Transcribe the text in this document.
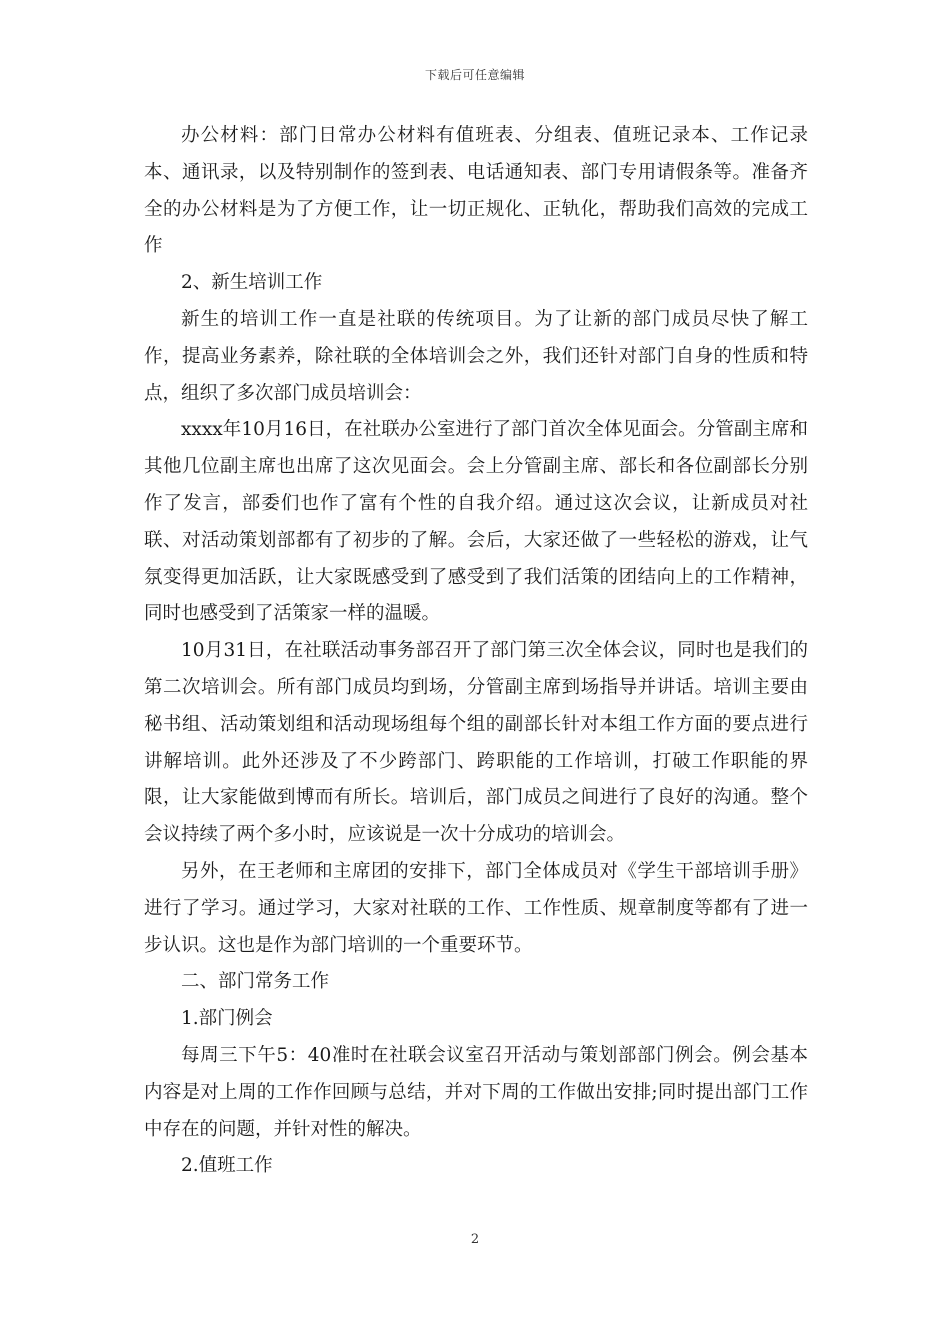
下载后可任意编辑

办公材料：部门日常办公材料有值班表、分组表、值班记录本、工作记录本、通讯录，以及特别制作的签到表、电话通知表、部门专用请假条等。准备齐全的办公材料是为了方便工作，让一切正规化、正轨化，帮助我们高效的完成工作

2、新生培训工作

新生的培训工作一直是社联的传统项目。为了让新的部门成员尽快了解工作，提高业务素养，除社联的全体培训会之外，我们还针对部门自身的性质和特点，组织了多次部门成员培训会：

xxxx年10月16日，在社联办公室进行了部门首次全体见面会。分管副主席和其他几位副主席也出席了这次见面会。会上分管副主席、部长和各位副部长分别作了发言，部委们也作了富有个性的自我介绍。通过这次会议，让新成员对社联、对活动策划部都有了初步的了解。会后，大家还做了一些轻松的游戏，让气氛变得更加活跃，让大家既感受到了感受到了我们活策的团结向上的工作精神，同时也感受到了活策家一样的温暖。

10月31日，在社联活动事务部召开了部门第三次全体会议，同时也是我们的第二次培训会。所有部门成员均到场，分管副主席到场指导并讲话。培训主要由秘书组、活动策划组和活动现场组每个组的副部长针对本组工作方面的要点进行讲解培训。此外还涉及了不少跨部门、跨职能的工作培训，打破工作职能的界限，让大家能做到博而有所长。培训后，部门成员之间进行了良好的沟通。整个会议持续了两个多小时，应该说是一次十分成功的培训会。

另外，在王老师和主席团的安排下，部门全体成员对《学生干部培训手册》进行了学习。通过学习，大家对社联的工作、工作性质、规章制度等都有了进一步认识。这也是作为部门培训的一个重要环节。

二、部门常务工作

1.部门例会

每周三下午5：40准时在社联会议室召开活动与策划部部门例会。例会基本内容是对上周的工作作回顾与总结，并对下周的工作做出安排;同时提出部门工作中存在的问题，并针对性的解决。

2.值班工作

2
